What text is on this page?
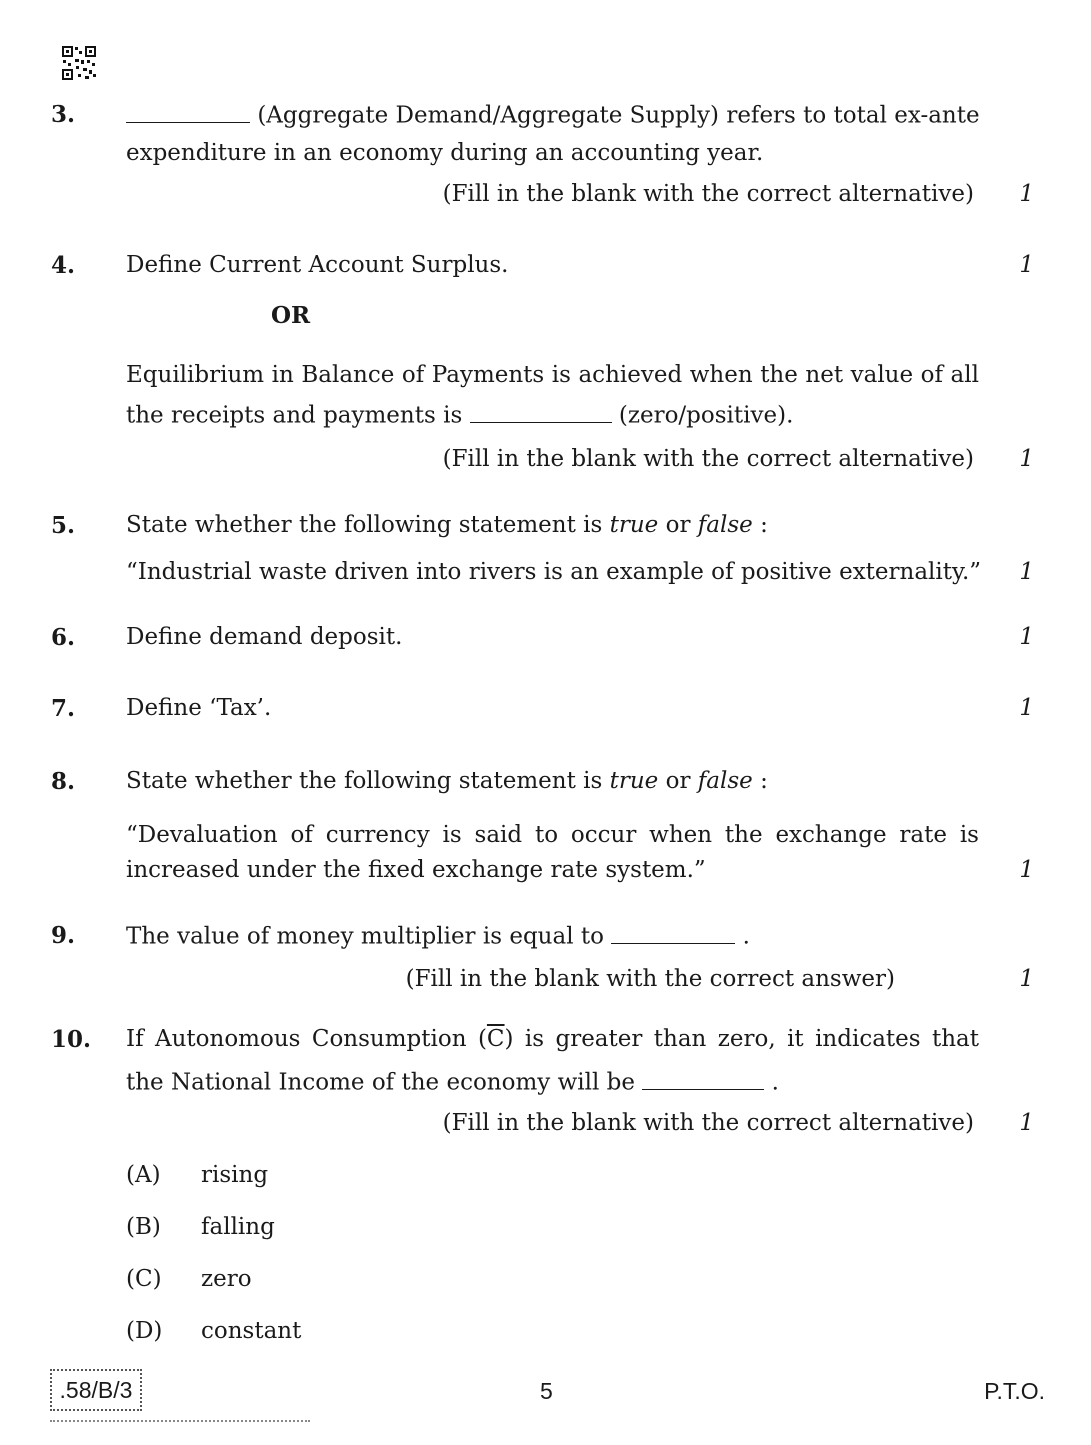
3.	(Aggregate Demand/Aggregate Supply) refers to total ex-ante
expenditure in an economy during an accounting year.
(Fill in the blank with the correct alternative) 1
4. Define Current Account Surplus.	1
OR
Equilibrium in Balance of Payments is achieved when the net value of all
the receipts and payments is	(zero/positive).
(Fill in the blank with the correct alternative) 1
5. State whether the following statement is true or false :
“Industrial waste driven into rivers is an example of positive externality.” 1
6. Define demand deposit.	1
7. Define ‘Tax’.	1
8. State whether the following statement is true or false :
“Devaluation of currency is said to occur when the exchange rate is
increased under the fixed exchange rate system.”	1
9. The value of money multiplier is equal to	.
(Fill in the blank with the correct answer)	1
10. If Autonomous Consumption $(\overline{C})$ is greater than zero, it indicates that
the National Income of the economy will be	.
(Fill in the blank with the correct alternative) 1
(A) rising
(B) falling
(C) zero
(D) constant
.58/B/3	5	P.T.O.
